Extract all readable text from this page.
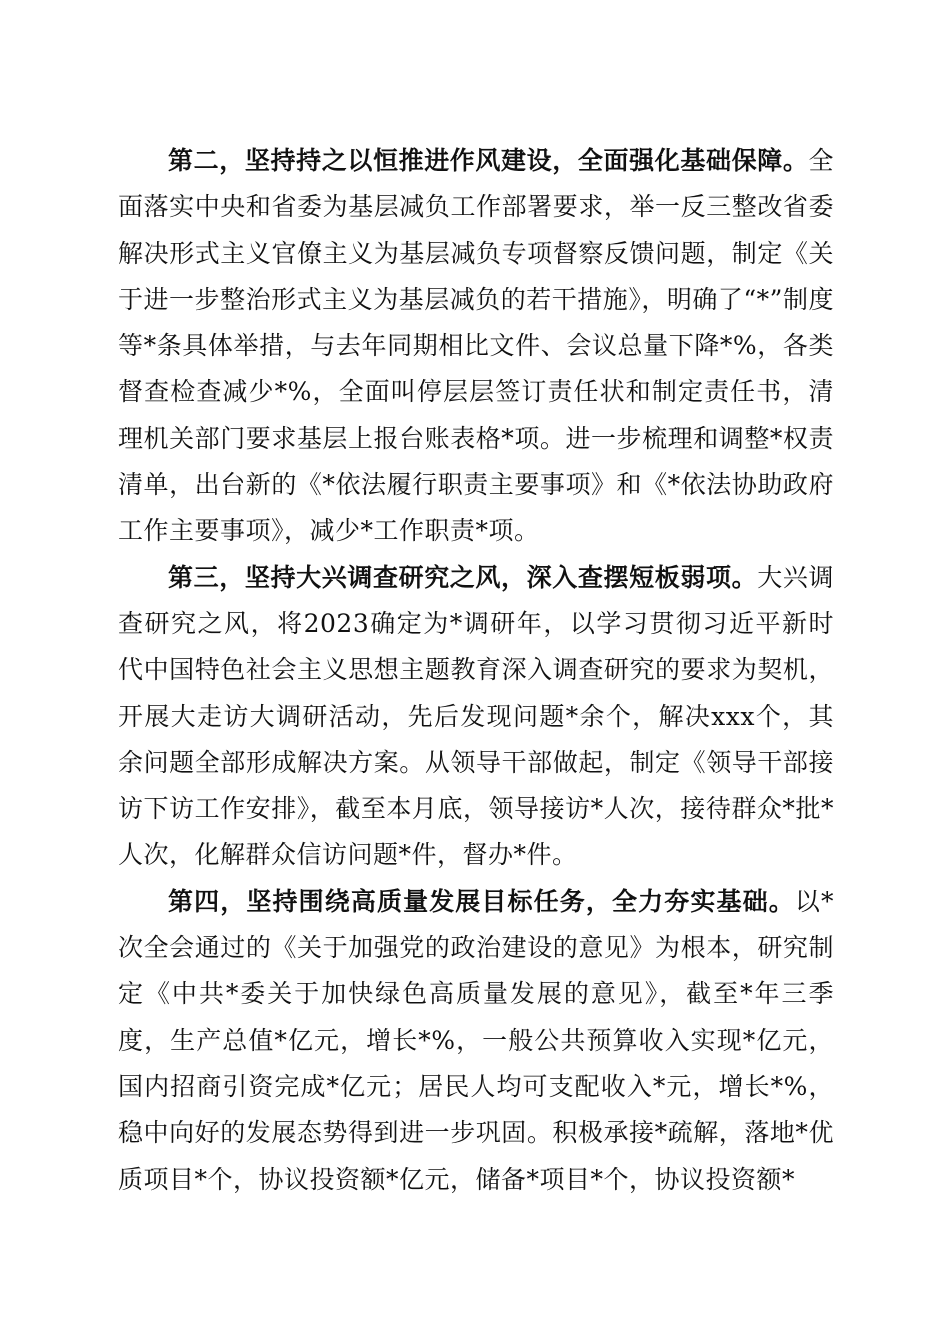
第二，坚持持之以恒推进作风建设，全面强化基础保障。全面落实中央和省委为基层减负工作部署要求，举一反三整改省委解决形式主义官僚主义为基层减负专项督察反馈问题，制定《关于进一步整治形式主义为基层减负的若干措施》，明确了“*”制度等*条具体举措，与去年同期相比文件、会议总量下降*%，各类督查检查减少*%，全面叫停层层签订责任状和制定责任书，清理机关部门要求基层上报台账表格*项。进一步梳理和调整*权责清单，出台新的《*依法履行职责主要事项》和《*依法协助政府工作主要事项》，减少*工作职责*项。

第三，坚持大兴调查研究之风，深入查摆短板弱项。大兴调查研究之风，将2023确定为*调研年，以学习贯彻习近平新时代中国特色社会主义思想主题教育深入调查研究的要求为契机，开展大走访大调研活动，先后发现问题*余个，解决xxx个，其余问题全部形成解决方案。从领导干部做起，制定《领导干部接访下访工作安排》，截至本月底，领导接访*人次，接待群众*批*人次，化解群众信访问题*件，督办*件。

第四，坚持围绕高质量发展目标任务，全力夯实基础。以*次全会通过的《关于加强党的政治建设的意见》为根本，研究制定《中共*委关于加快绿色高质量发展的意见》，截至*年三季度，生产总值*亿元，增长*%，一般公共预算收入实现*亿元，国内招商引资完成*亿元；居民人均可支配收入*元，增长*%，稳中向好的发展态势得到进一步巩固。积极承接*疏解，落地*优质项目*个，协议投资额*亿元，储备*项目*个，协议投资额*
